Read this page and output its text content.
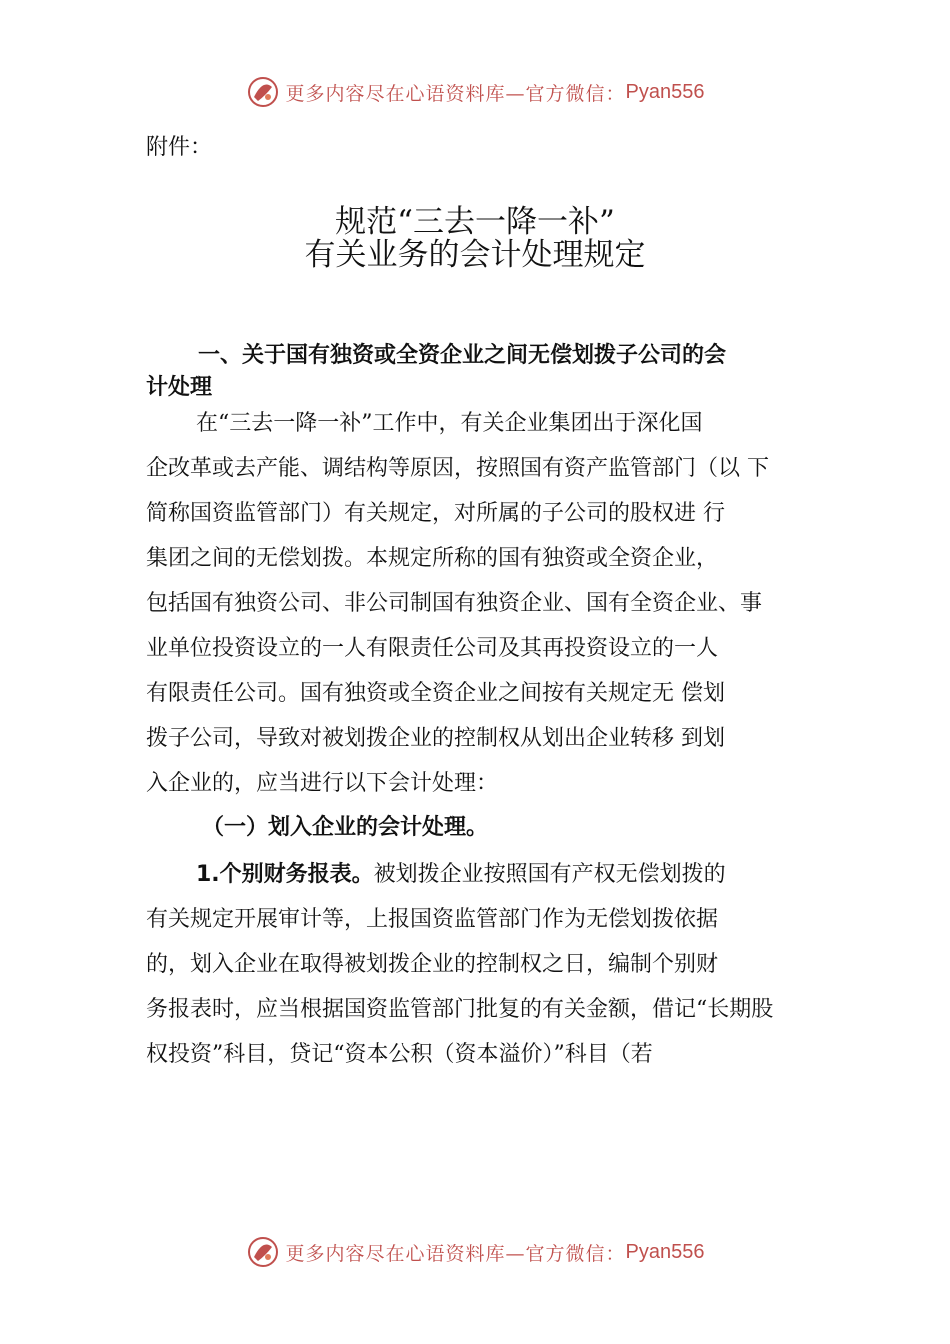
更多内容尽在心语资料库—官方微信： Pyan556
附件：
规范“三去一降一补”
有关业务的会计处理规定
一、关于国有独资或全资企业之间无偿划拨子公司的会
计处理
在“三去一降一补”工作中，有关企业集团出于深化国
企改革或去产能、调结构等原因，按照国有资产监管部门（以 下
简称国资监管部门）有关规定，对所属的子公司的股权进 行
集团之间的无偿划拨。本规定所称的国有独资或全资企业，
包括国有独资公司、非公司制国有独资企业、国有全资企业、事
业单位投资设立的一人有限责任公司及其再投资设立的一人
有限责任公司。国有独资或全资企业之间按有关规定无 偿划
拨子公司，导致对被划拨企业的控制权从划出企业转移 到划
入企业的，应当进行以下会计处理：
（一）划入企业的会计处理。
1.个别财务报表。被划拨企业按照国有产权无偿划拨的
有关规定开展审计等，上报国资监管部门作为无偿划拨依据
的，划入企业在取得被划拨企业的控制权之日，编制个别财
务报表时，应当根据国资监管部门批复的有关金额，借记“长期股
权投资”科目，贷记“资本公积（资本溢价）”科目（若
更多内容尽在心语资料库—官方微信： Pyan556
